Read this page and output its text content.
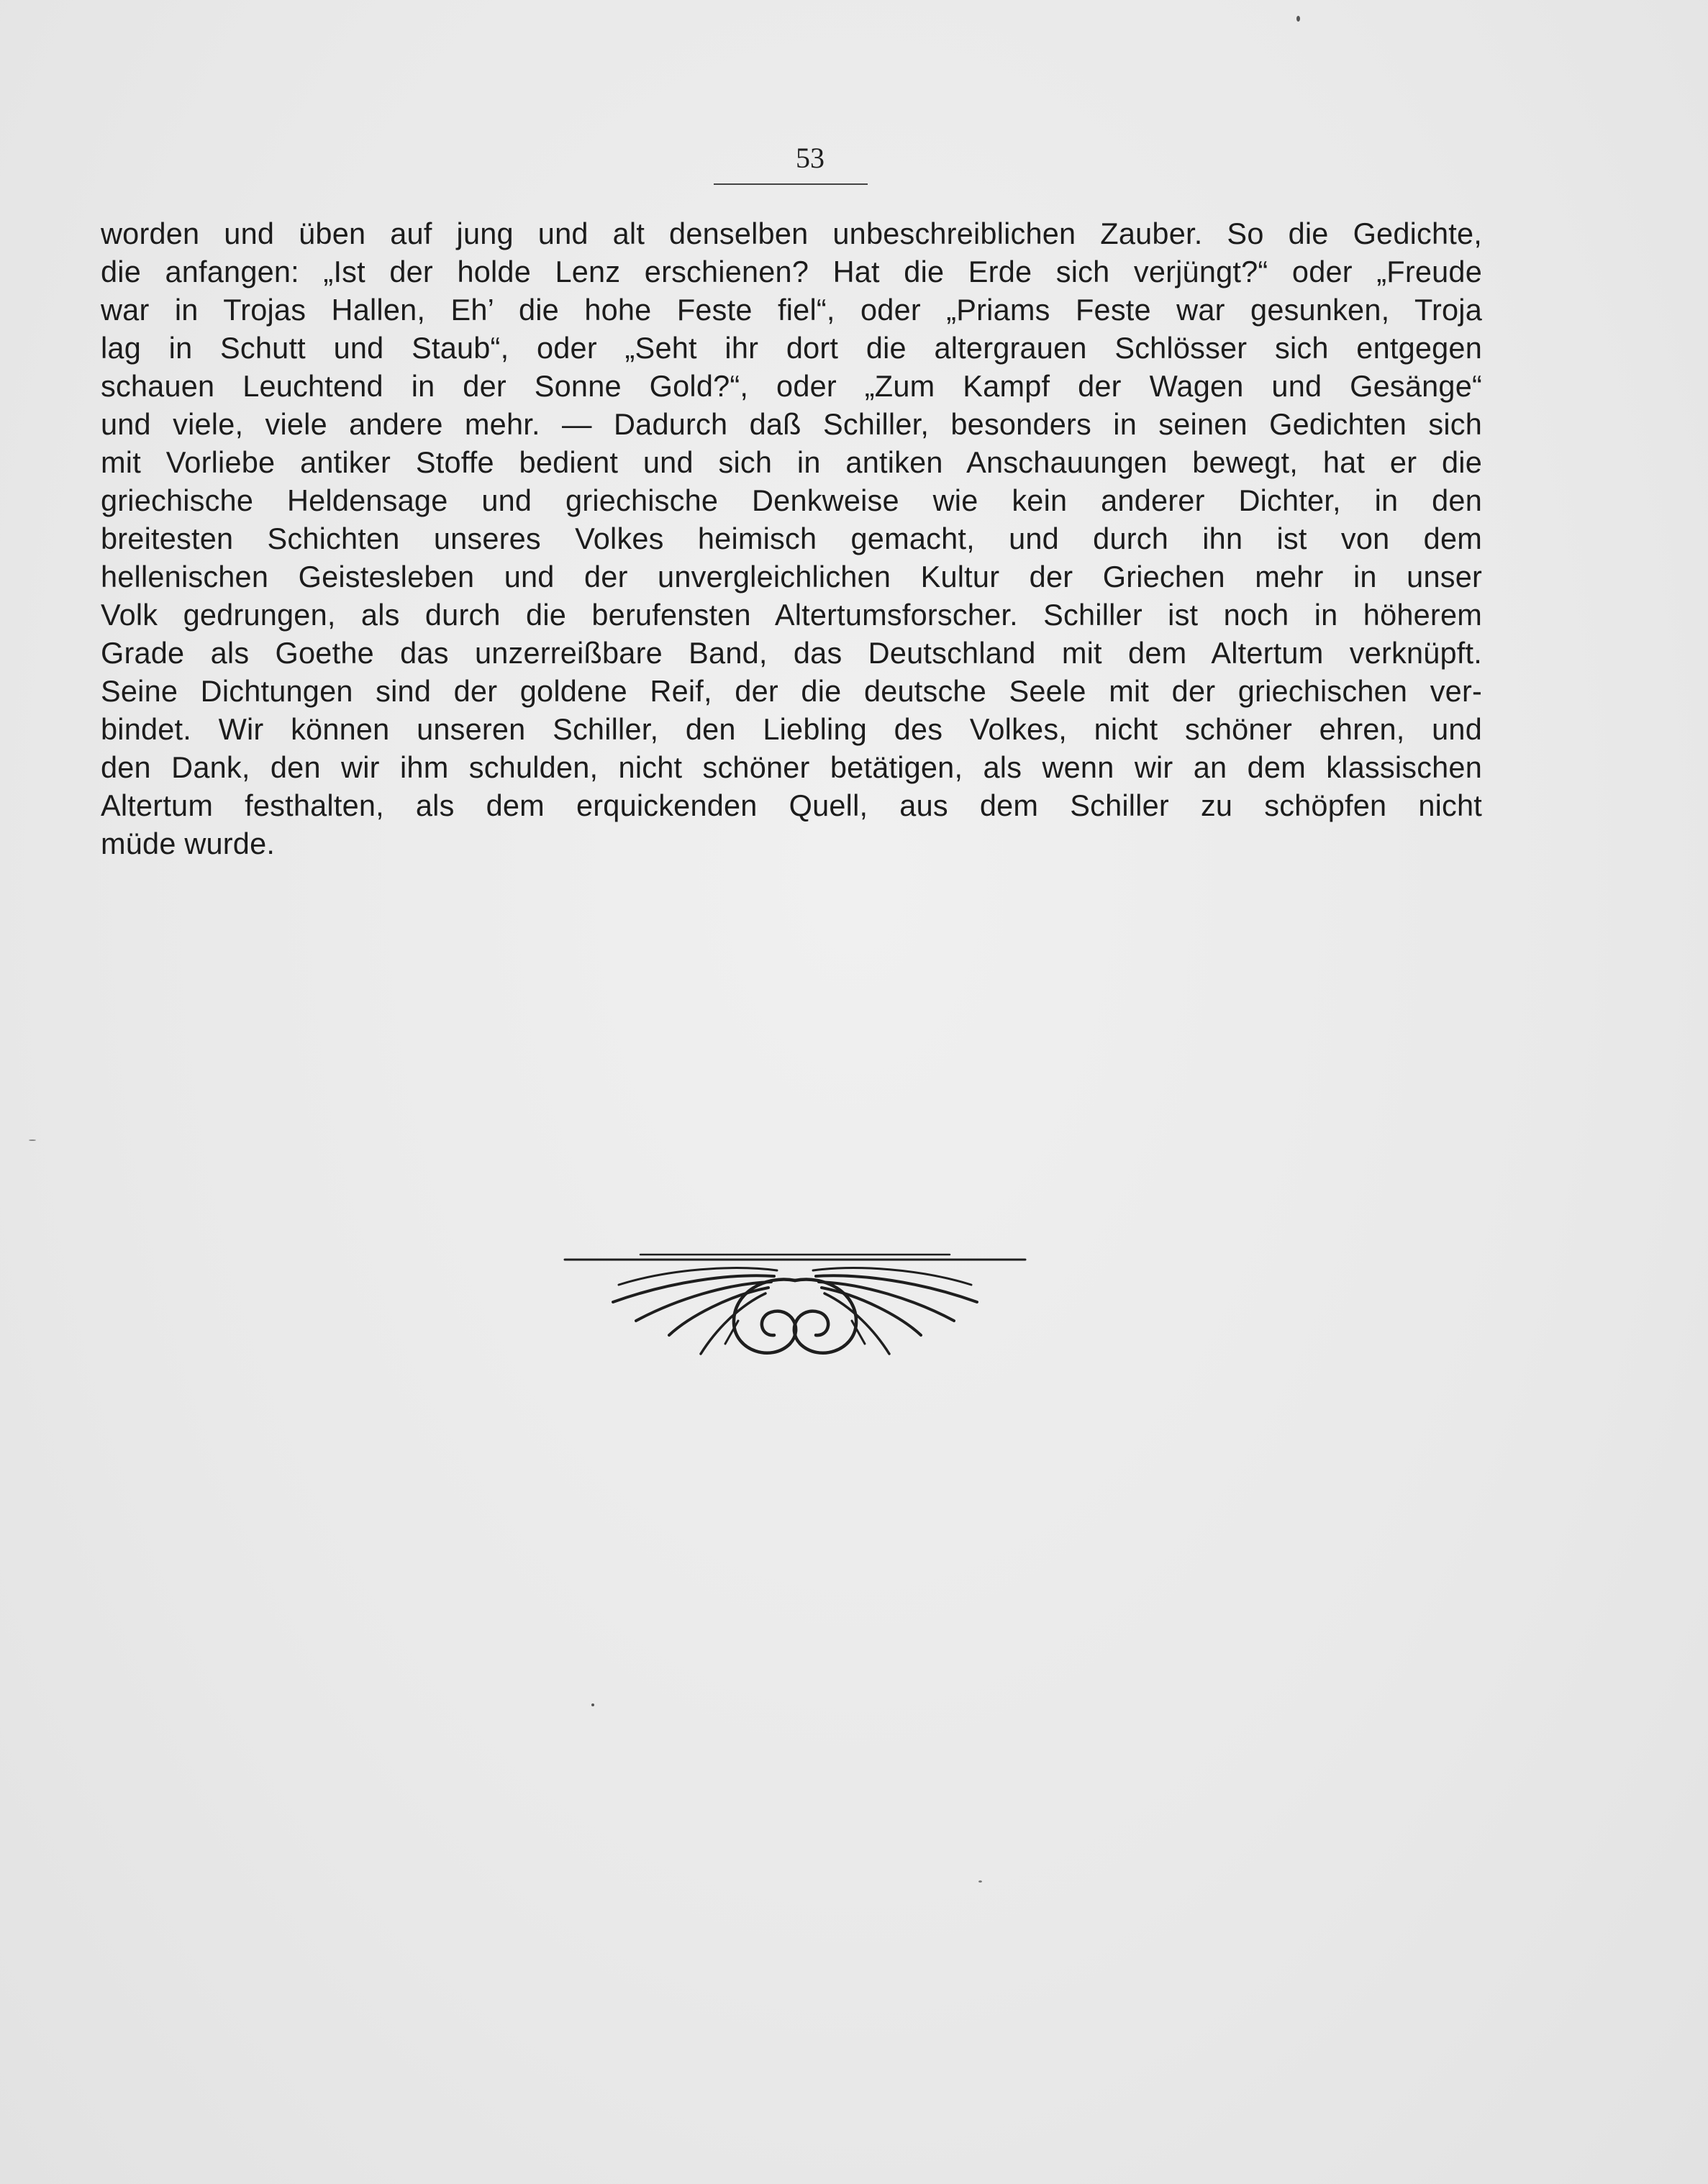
53
worden und üben auf jung und alt denselben unbeschreiblichen Zauber. So die Gedichte,
die anfangen: „Ist der holde Lenz erschienen? Hat die Erde sich verjüngt?“ oder „Freude
war in Trojas Hallen, Eh’ die hohe Feste fiel“, oder „Priams Feste war gesunken, Troja
lag in Schutt und Staub“, oder „Seht ihr dort die altergrauen Schlösser sich entgegen
schauen Leuchtend in der Sonne Gold?“, oder „Zum Kampf der Wagen und Gesänge“
und viele, viele andere mehr. — Dadurch daß Schiller, besonders in seinen Gedichten sich
mit Vorliebe antiker Stoffe bedient und sich in antiken Anschauungen bewegt, hat er die
griechische Heldensage und griechische Denkweise wie kein anderer Dichter, in den
breitesten Schichten unseres Volkes heimisch gemacht, und durch ihn ist von dem
hellenischen Geistesleben und der unvergleichlichen Kultur der Griechen mehr in unser
Volk gedrungen, als durch die berufensten Altertumsforscher. Schiller ist noch in höherem
Grade als Goethe das unzerreißbare Band, das Deutschland mit dem Altertum verknüpft.
Seine Dichtungen sind der goldene Reif, der die deutsche Seele mit der griechischen ver-
bindet. Wir können unseren Schiller, den Liebling des Volkes, nicht schöner ehren, und
den Dank, den wir ihm schulden, nicht schöner betätigen, als wenn wir an dem klassischen
Altertum festhalten, als dem erquickenden Quell, aus dem Schiller zu schöpfen nicht
müde wurde.
